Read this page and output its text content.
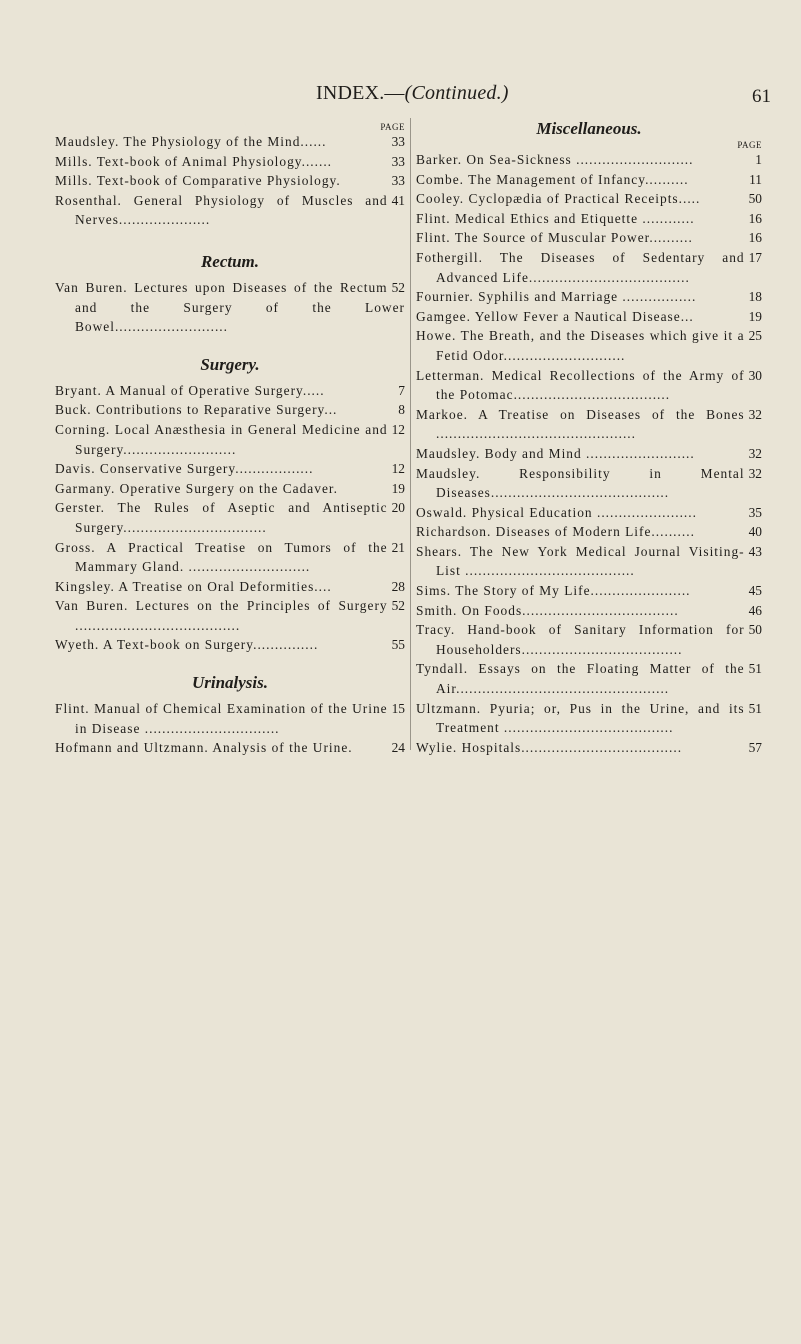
INDEX.—(Continued.)	61
PAGE
33
Maudsley. The Physiology of the Mind......
33
Mills. Text-book of Animal Physiology.......
33
Mills. Text-book of Comparative Physiology.
41
Rosenthal. General Physiology of Muscles and Nerves.....................
Rectum.
52
Van Buren. Lectures upon Diseases of the Rectum and the Surgery of the Lower Bowel..........................
Surgery.
7
Bryant. A Manual of Operative Surgery.....
8
Buck. Contributions to Reparative Surgery...
12
Corning. Local Anæsthesia in General Medicine and Surgery..........................
12
Davis. Conservative Surgery..................
19
Garmany. Operative Surgery on the Cadaver.
20
Gerster. The Rules of Aseptic and Antiseptic Surgery.................................
21
Gross. A Practical Treatise on Tumors of the Mammary Gland. ............................
28
Kingsley. A Treatise on Oral Deformities....
52
Van Buren. Lectures on the Principles of Surgery ......................................
55
Wyeth. A Text-book on Surgery...............
Urinalysis.
15
Flint. Manual of Chemical Examination of the Urine in Disease ...............................
24
Hofmann and Ultzmann. Analysis of the Urine.
Miscellaneous.
PAGE
1
Barker. On Sea-Sickness ...........................
11
Combe. The Management of Infancy..........
50
Cooley. Cyclopædia of Practical Receipts.....
16
Flint. Medical Ethics and Etiquette ............
16
Flint. The Source of Muscular Power..........
17
Fothergill. The Diseases of Sedentary and Advanced Life.....................................
18
Fournier. Syphilis and Marriage .................
19
Gamgee. Yellow Fever a Nautical Disease...
25
Howe. The Breath, and the Diseases which give it a Fetid Odor............................
30
Letterman. Medical Recollections of the Army of the Potomac....................................
32
Markoe. A Treatise on Diseases of the Bones ..............................................
32
Maudsley. Body and Mind .........................
32
Maudsley. Responsibility in Mental Diseases.........................................
35
Oswald. Physical Education .......................
40
Richardson. Diseases of Modern Life..........
43
Shears. The New York Medical Journal Visiting-List .......................................
45
Sims. The Story of My Life.......................
46
Smith. On Foods....................................
50
Tracy. Hand-book of Sanitary Information for Householders.....................................
51
Tyndall. Essays on the Floating Matter of the Air.................................................
51
Ultzmann. Pyuria; or, Pus in the Urine, and its Treatment .......................................
57
Wylie. Hospitals.....................................
